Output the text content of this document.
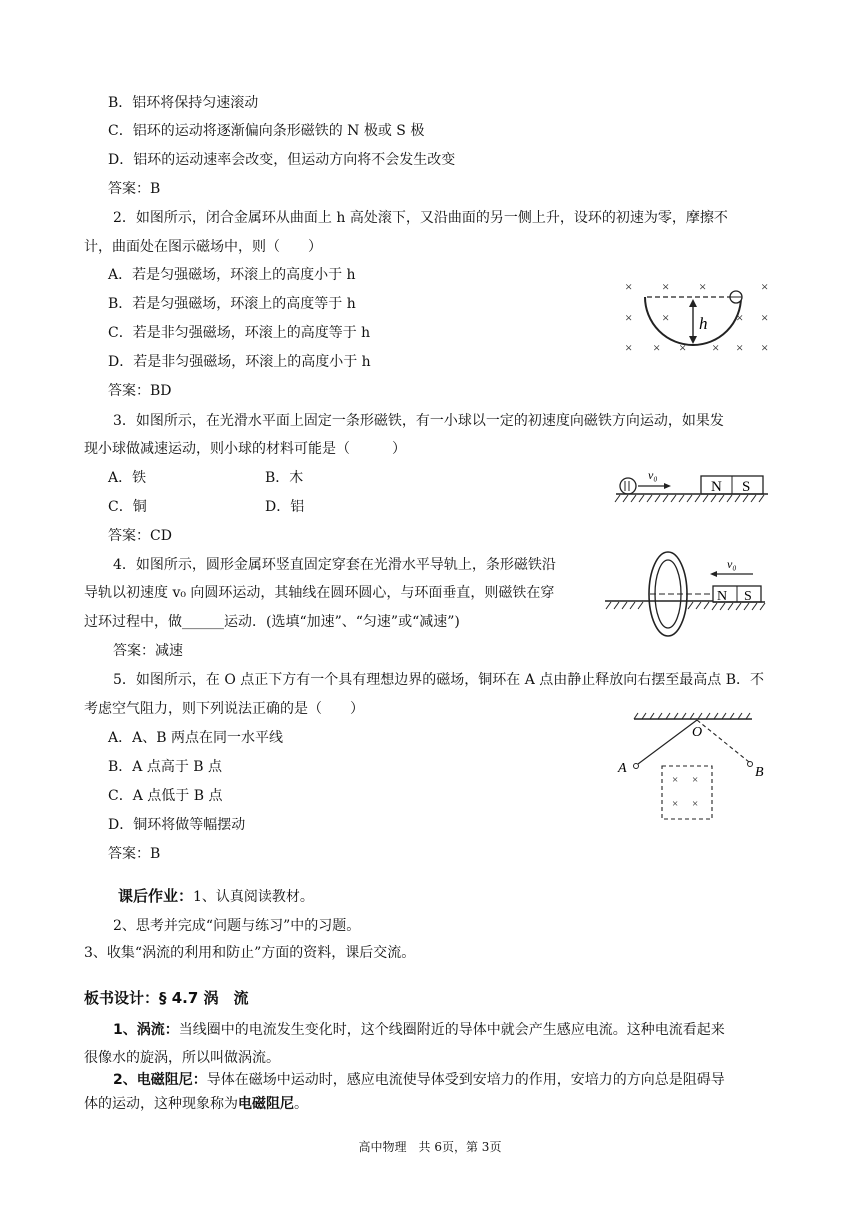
B．铝环将保持匀速滚动
C．铝环的运动将逐渐偏向条形磁铁的 N 极或 S 极
D．铝环的运动速率会改变，但运动方向将不会发生改变
答案：B
2．如图所示，闭合金属环从曲面上 h 高处滚下，又沿曲面的另一侧上升，设环的初速为零，摩擦不
计，曲面处在图示磁场中，则（　　）
A．若是匀强磁场，环滚上的高度小于 h
B．若是匀强磁场，环滚上的高度等于 h
C．若是非匀强磁场，环滚上的高度等于 h
D．若是非匀强磁场，环滚上的高度小于 h
答案：BD
× × ×	×
× ×	× ×
× × × × × ×
h
3．如图所示，在光滑水平面上固定一条形磁铁，有一小球以一定的初速度向磁铁方向运动，如果发
现小球做减速运动，则小球的材料可能是（　　　）
A．铁	B．木
C．铜	D．铝
答案：CD
v₀
N S
4．如图所示，圆形金属环竖直固定穿套在光滑水平导轨上，条形磁铁沿
导轨以初速度 v₀ 向圆环运动，其轴线在圆环圆心，与环面垂直，则磁铁在穿
过环过程中，做______运动．(选填“加速”、“匀速”或“减速”)
答案：减速
N S
v₀
5．如图所示，在 O 点正下方有一个具有理想边界的磁场，铜环在 A 点由静止释放向右摆至最高点 B．不
考虑空气阻力，则下列说法正确的是（　　）
A．A、B 两点在同一水平线
B．A 点高于 B 点
C．A 点低于 B 点
D．铜环将做等幅摆动
答案：B
O
A	B
× ×
× ×
课后作业：1、认真阅读教材。
2、思考并完成“问题与练习”中的习题。
3、收集“涡流的利用和防止”方面的资料，课后交流。
板书设计：§ 4.7 涡　流
1、涡流：当线圈中的电流发生变化时，这个线圈附近的导体中就会产生感应电流。这种电流看起来
很像水的旋涡，所以叫做涡流。
2、电磁阻尼：导体在磁场中运动时，感应电流使导体受到安培力的作用，安培力的方向总是阻碍导
体的运动，这种现象称为电磁阻尼。
高中物理　共 6页，第 3页
